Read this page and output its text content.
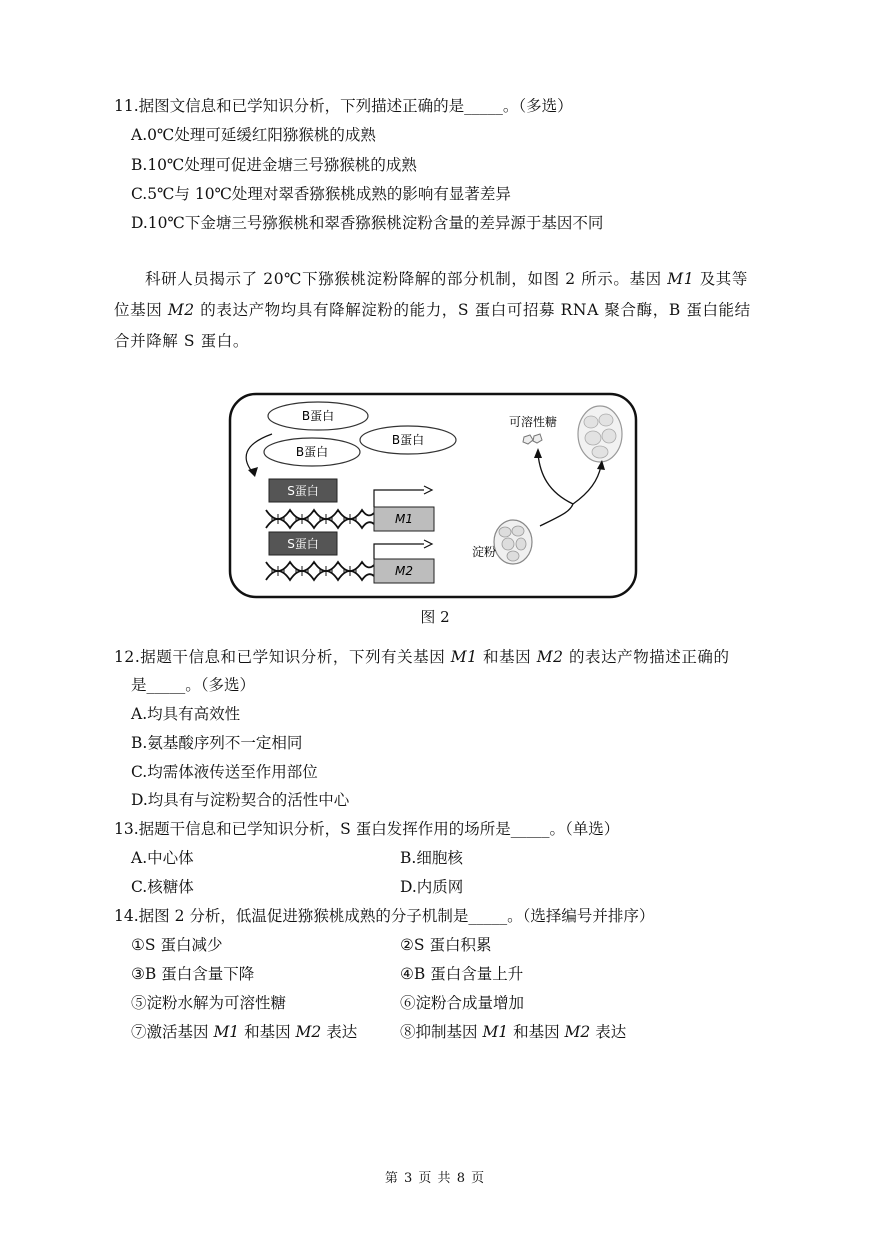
11.据图文信息和已学知识分析，下列描述正确的是_____。（多选）
A.0℃处理可延缓红阳猕猴桃的成熟
B.10℃处理可促进金塘三号猕猴桃的成熟
C.5℃与 10℃处理对翠香猕猴桃成熟的影响有显著差异
D.10℃下金塘三号猕猴桃和翠香猕猴桃淀粉含量的差异源于基因不同
科研人员揭示了 20℃下猕猴桃淀粉降解的部分机制，如图 2 所示。基因 M1 及其等位基因 M2 的表达产物均具有降解淀粉的能力，S 蛋白可招募 RNA 聚合酶，B 蛋白能结合并降解 S 蛋白。
B蛋白
B蛋白
B蛋白
S蛋白
S蛋白
M1
M2
可溶性糖
淀粉
图 2
12.据题干信息和已学知识分析，下列有关基因 M1 和基因 M2 的表达产物描述正确的
是_____。（多选）
A.均具有高效性
B.氨基酸序列不一定相同
C.均需体液传送至作用部位
D.均具有与淀粉契合的活性中心
13.据题干信息和已学知识分析，S 蛋白发挥作用的场所是_____。（单选）
A.中心体	B.细胞核
C.核糖体	D.内质网
14.据图 2 分析，低温促进猕猴桃成熟的分子机制是_____。（选择编号并排序）
①S 蛋白减少	②S 蛋白积累
③B 蛋白含量下降	④B 蛋白含量上升
⑤淀粉水解为可溶性糖	⑥淀粉合成量增加
⑦激活基因 M1 和基因 M2 表达	⑧抑制基因 M1 和基因 M2 表达
第 3 页 共 8 页
